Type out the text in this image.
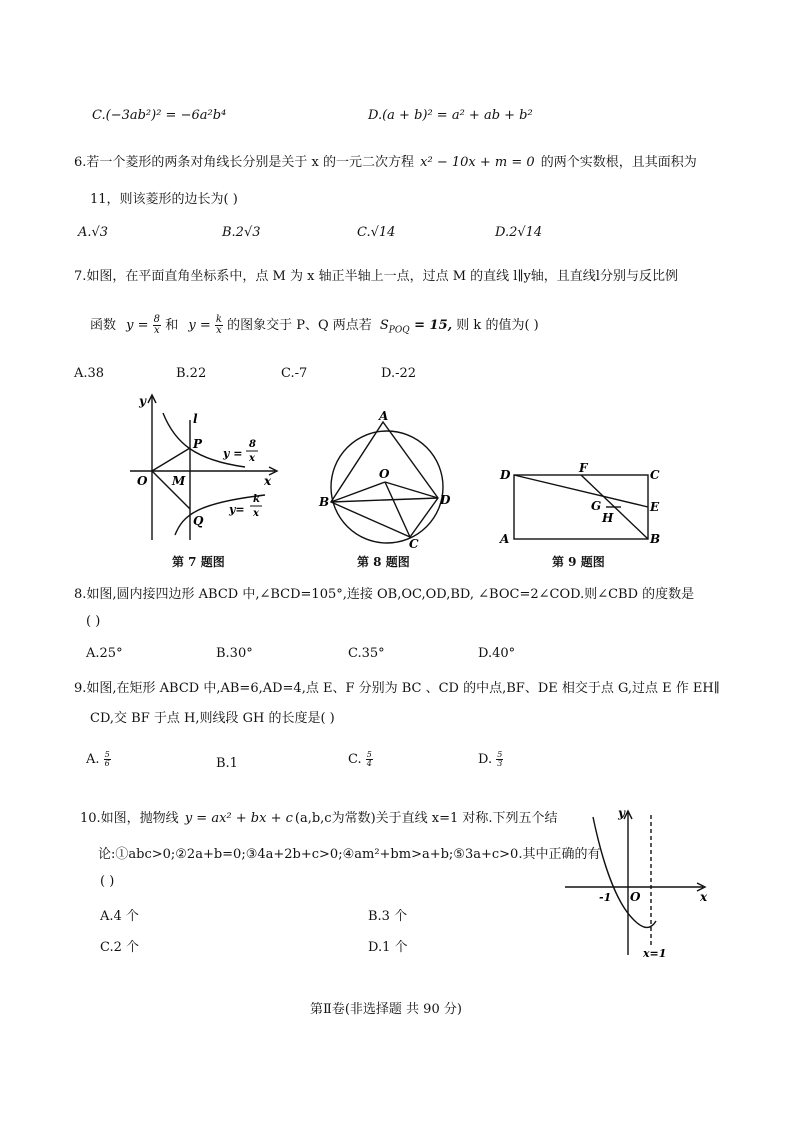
C.(−3ab²)² = −6a²b⁴	D.(a + b)² = a² + ab + b²
6.若一个菱形的两条对角线长分别是关于 x 的一元二次方程 x² − 10x + m = 0 的两个实数根，且其面积为
11，则该菱形的边长为( )
A.√3	B.2√3	C.√14	D.2√14
7.如图，在平面直角坐标系中，点 M 为 x 轴正半轴上一点，过点 M 的直线 l∥y轴，且直线l分别与反比例
函数 $y = \frac{8}{x}$ 和 $y = \frac{k}{x}$ 的图象交于 P、Q 两点若 $S_{POQ} = 15$, 则 k 的值为( )
A.38	B.22	C.-7	D.-22
y
x
l
O M
P
Q
y =
8
x
y=
k
x
第 7 题图
A
B
C
D
O
第 8 题图
D	F	C
E
G
H
A	B
第 9 题图
8.如图,圆内接四边形 ABCD 中,∠BCD=105°,连接 OB,OC,OD,BD, ∠BOC=2∠COD.则∠CBD 的度数是
( )
A.25°	B.30°	C.35°	D.40°
9.如图,在矩形 ABCD 中,AB=6,AD=4,点 E、F 分别为 BC 、CD 的中点,BF、DE 相交于点 G,过点 E 作 EH∥
CD,交 BF 于点 H,则线段 GH 的长度是( )
A. $\frac{5}{6}$	B.1	C. $\frac{5}{4}$	D. $\frac{5}{3}$
10.如图，抛物线 y = ax² + bx + c (a,b,c为常数)关于直线 x=1 对称.下列五个结
论:①abc>0;②2a+b=0;③4a+2b+c>0;④am²+bm>a+b;⑤3a+c>0.其中正确的有
( )
A.4 个	B.3 个
C.2 个	D.1 个
y
x
O
-1
x=1
第Ⅱ卷(非选择题 共 90 分)
